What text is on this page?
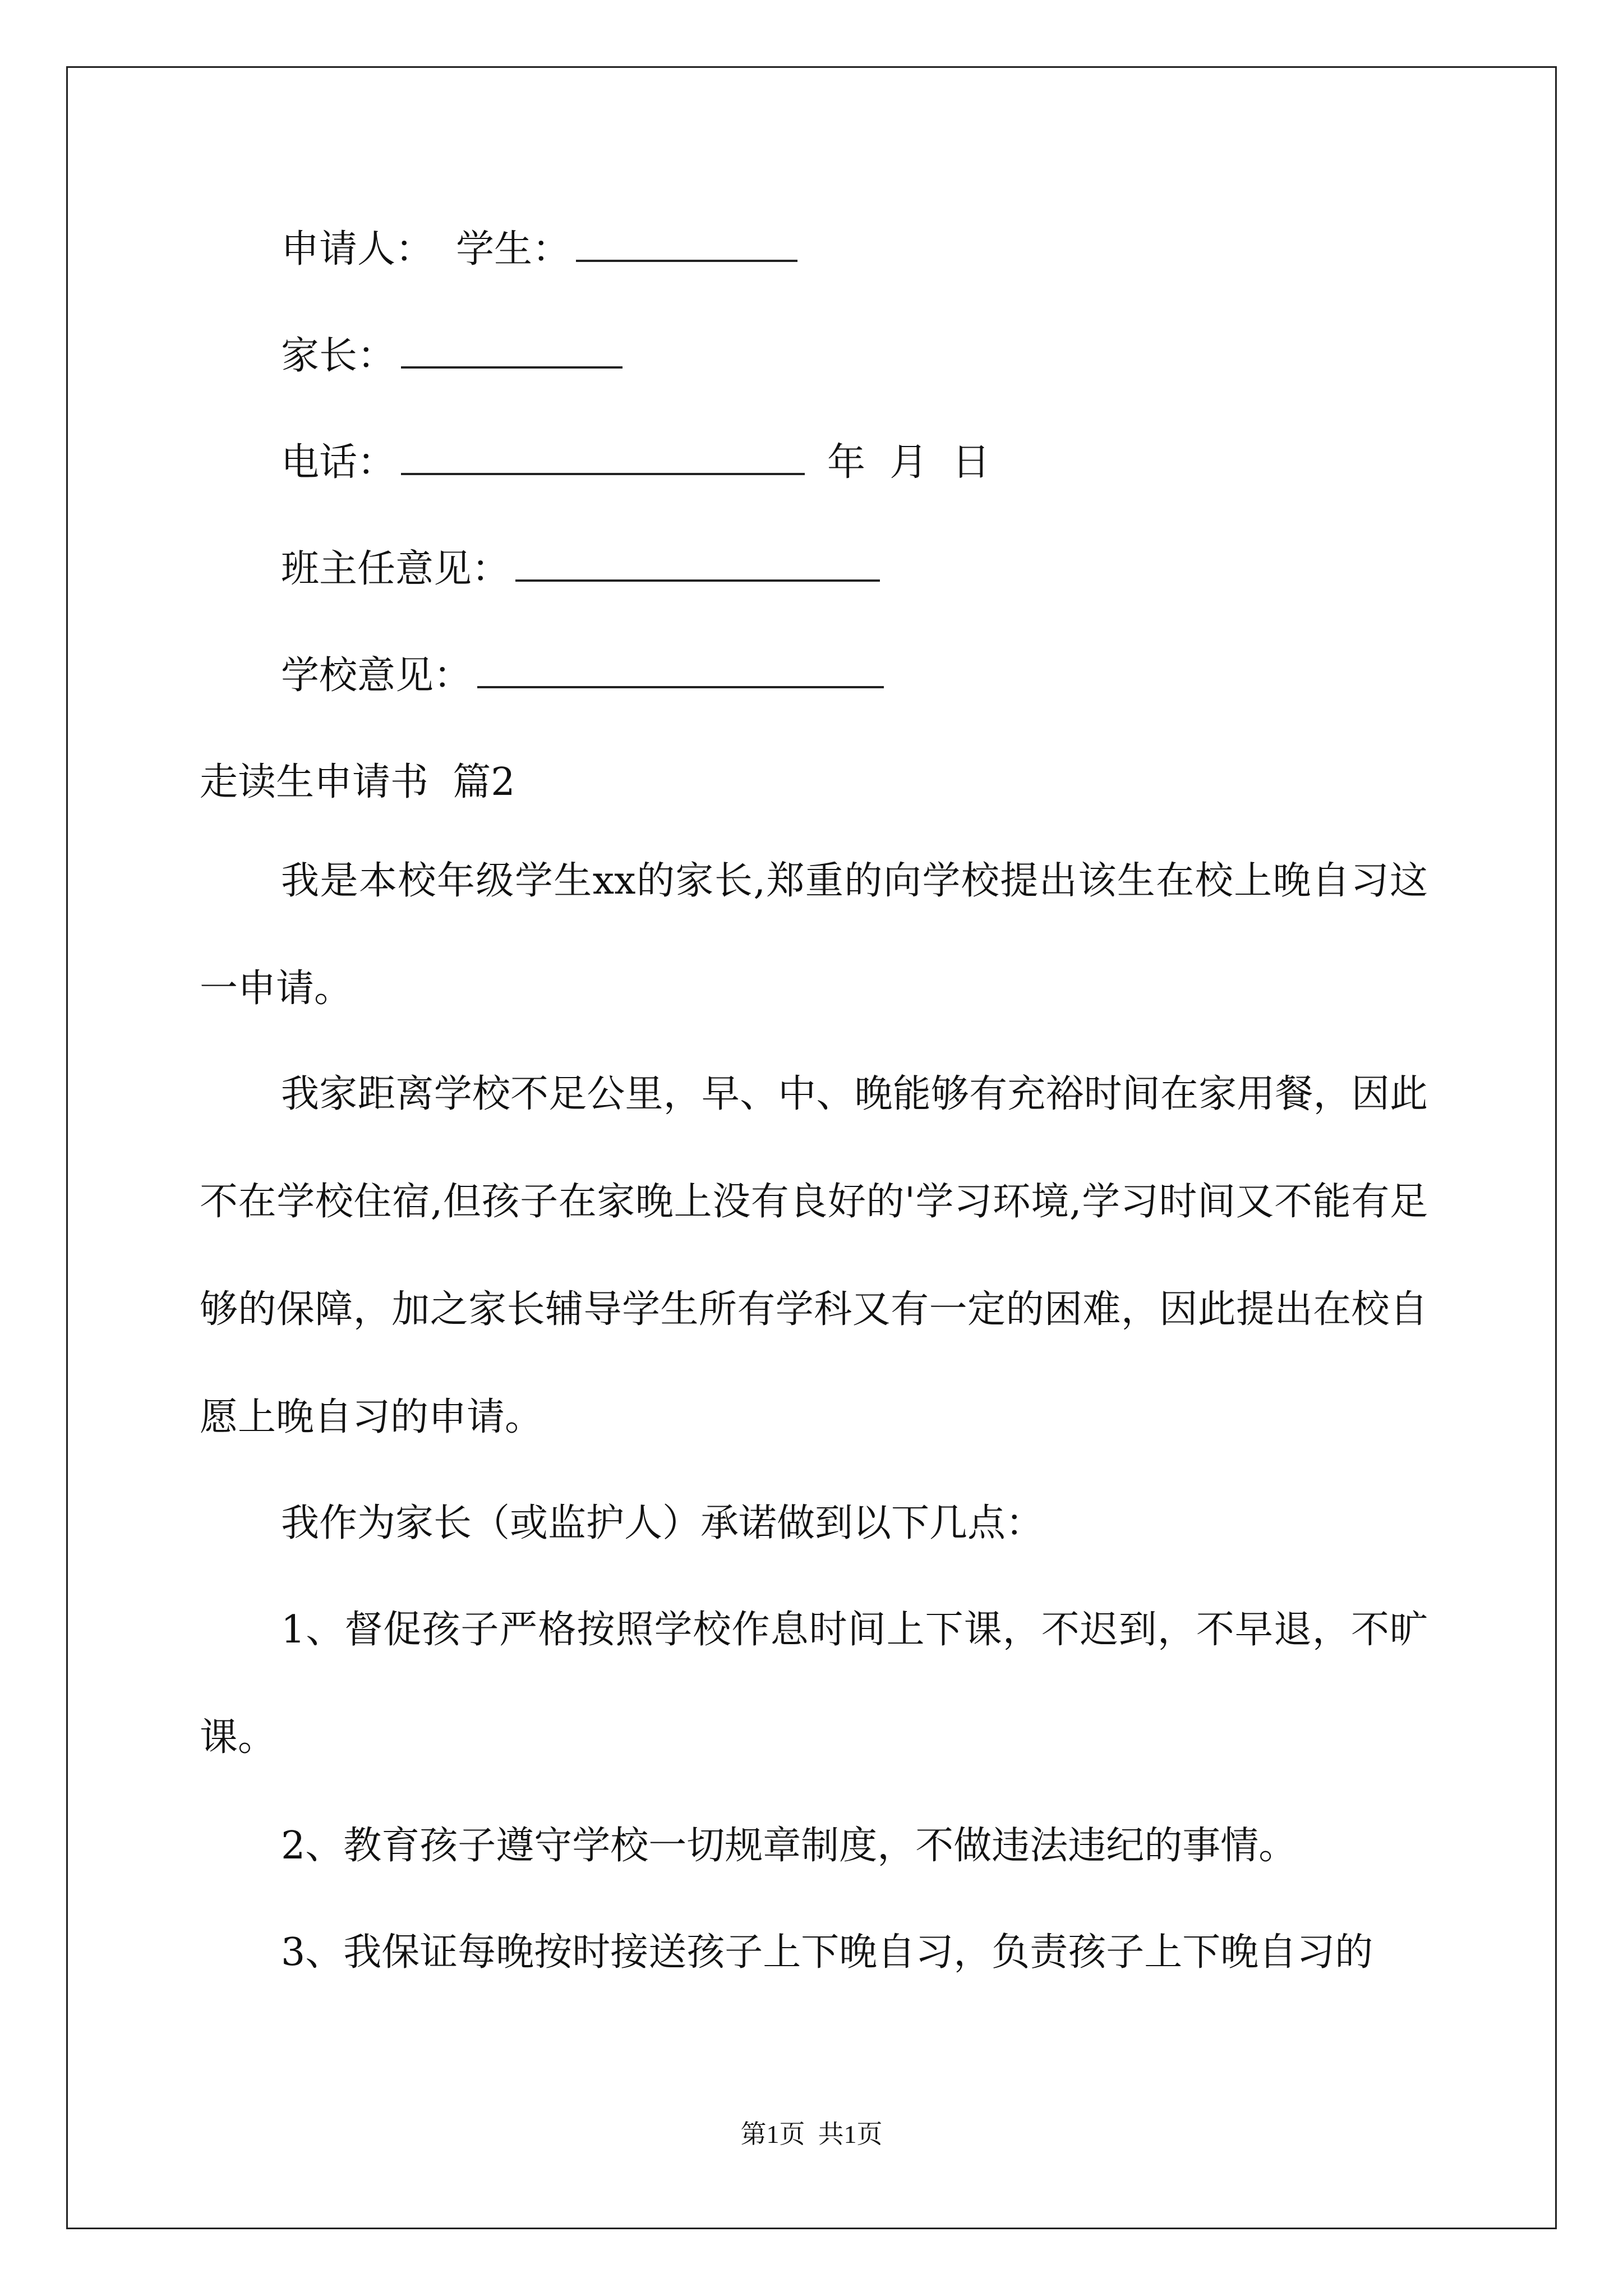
申请人： 学生：
家长：
电话：	年  月  日
班主任意见：
学校意见：
走读生申请书  篇2
我是本校年级学生xx的家长,郑重的向学校提出该生在校上晚自习这一申请。
我家距离学校不足公里，早、中、晚能够有充裕时间在家用餐，因此不在学校住宿,但孩子在家晚上没有良好的'学习环境,学习时间又不能有足够的保障，加之家长辅导学生所有学科又有一定的困难，因此提出在校自愿上晚自习的申请。
我作为家长（或监护人）承诺做到以下几点：
1、督促孩子严格按照学校作息时间上下课，不迟到，不早退，不旷课。
2、教育孩子遵守学校一切规章制度，不做违法违纪的事情。
3、我保证每晚按时接送孩子上下晚自习，负责孩子上下晚自习的
第1页  共1页
